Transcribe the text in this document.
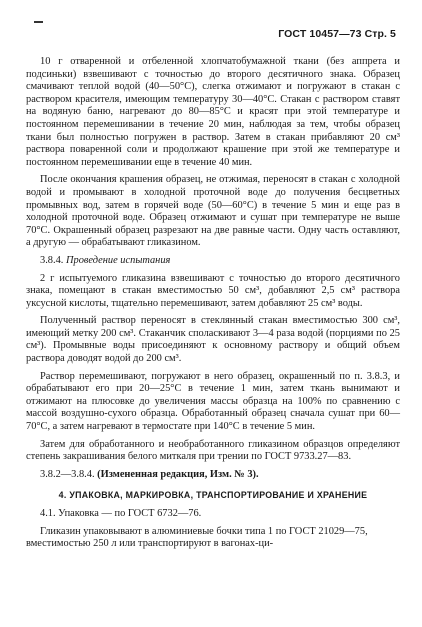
ГОСТ 10457—73 Стр. 5

10 г отваренной и отбеленной хлопчатобумажной ткани (без аппрета и подсиньки) взвешивают с точностью до второго десятичного знака. Образец смачивают теплой водой (40—50°С), слегка отжимают и погружают в стакан с раствором красителя, имеющим температуру 30—40°С. Стакан с раствором ставят на водяную баню, нагревают до 80—85°С и красят при этой температуре и постоянном перемешивании в течение 20 мин, наблюдая за тем, чтобы образец ткани был полностью погружен в раствор. Затем в стакан прибавляют 20 см³ раствора поваренной соли и продолжают крашение при этой же температуре и постоянном перемешивании еще в течение 40 мин.

После окончания крашения образец, не отжимая, переносят в стакан с холодной водой и промывают в холодной проточной воде до получения бесцветных промывных вод, затем в горячей воде (50—60°С) в течение 5 мин и еще раз в холодной проточной воде. Образец отжимают и сушат при температуре не выше 70°С. Окрашенный образец разрезают на две равные части. Одну часть оставляют, а другую — обрабатывают гликазином.

3.8.4. Проведение испытания

2 г испытуемого гликазина взвешивают с точностью до второго десятичного знака, помещают в стакан вместимостью 50 см³, добавляют 2,5 см³ раствора уксусной кислоты, тщательно перемешивают, затем добавляют 25 см³ воды.

Полученный раствор переносят в стеклянный стакан вместимостью 300 см³, имеющий метку 200 см³. Стаканчик споласкивают 3—4 раза водой (порциями по 25 см³). Промывные воды присоединяют к основному раствору и общий объем раствора доводят водой до 200 см³.

Раствор перемешивают, погружают в него образец, окрашенный по п. 3.8.3, и обрабатывают его при 20—25°С в течение 1 мин, затем ткань вынимают и отжимают на плюсовке до увеличения массы образца на 100% по сравнению с массой воздушно-сухого образца. Обработанный образец сначала сушат при 60—70°С, а затем нагревают в термостате при 140°С в течение 5 мин.

Затем для обработанного и необработанного гликазином образцов определяют степень закрашивания белого миткаля при трении по ГОСТ 9733.27—83.

3.8.2—3.8.4. (Измененная редакция, Изм. № 3).

4. УПАКОВКА, МАРКИРОВКА, ТРАНСПОРТИРОВАНИЕ И ХРАНЕНИЕ

4.1. Упаковка — по ГОСТ 6732—76.

Гликазин упаковывают в алюминиевые бочки типа 1 по ГОСТ 21029—75, вместимостью 250 л или транспортируют в вагонах-ци-
